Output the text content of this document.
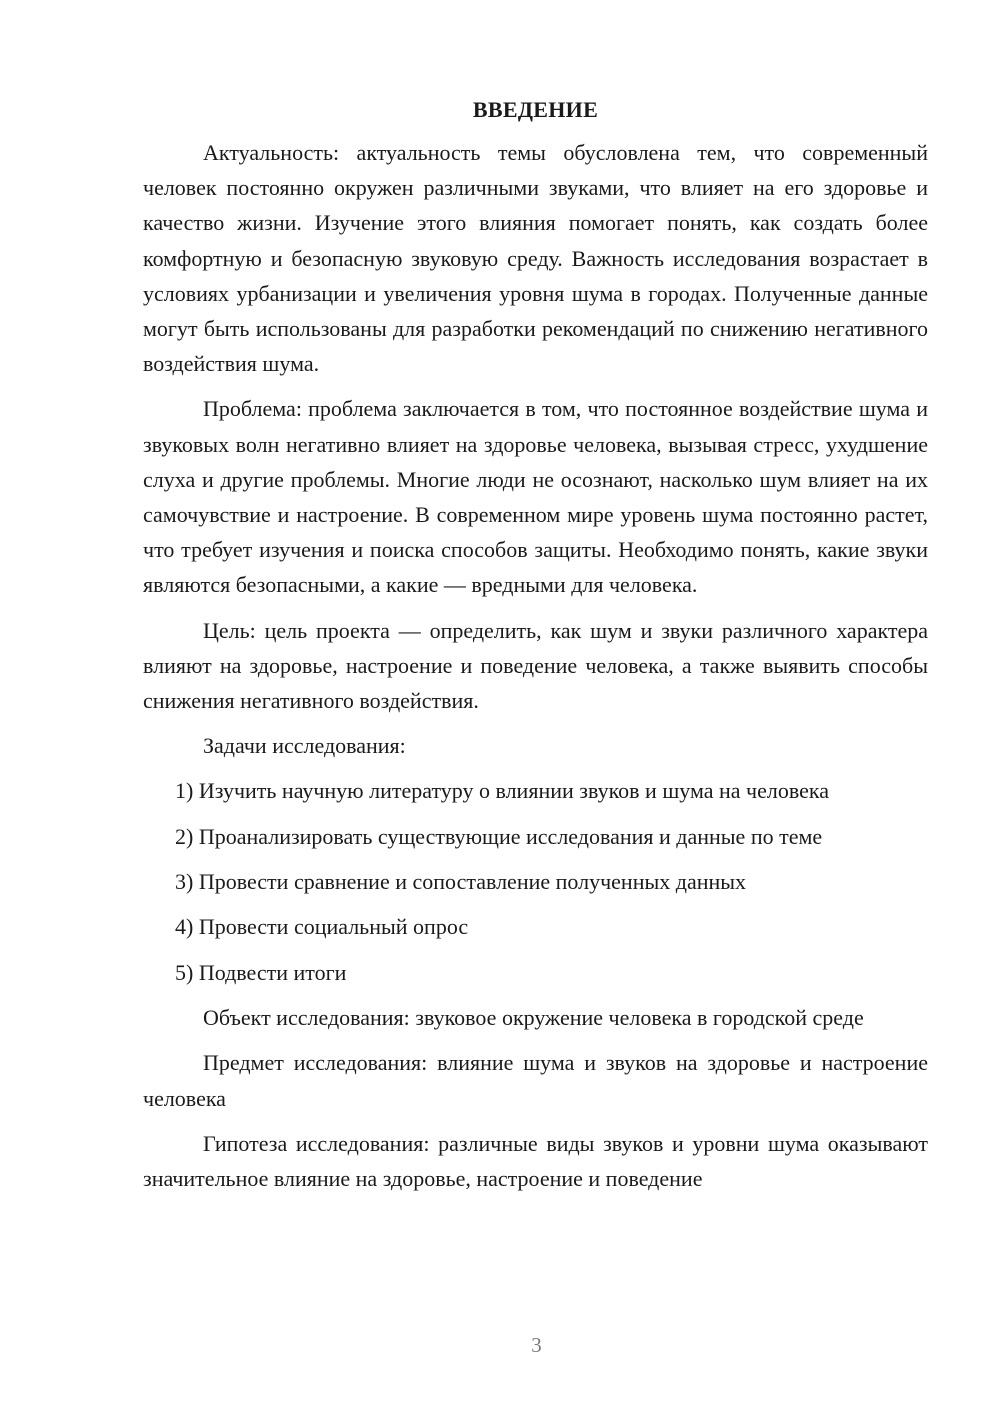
ВВЕДЕНИЕ

Актуальность: актуальность темы обусловлена тем, что современный человек постоянно окружен различными звуками, что влияет на его здоровье и качество жизни. Изучение этого влияния помогает понять, как создать более комфортную и безопасную звуковую среду. Важность исследования возрастает в условиях урбанизации и увеличения уровня шума в городах. Полученные данные могут быть использованы для разработки рекомендаций по снижению негативного воздействия шума.

Проблема: проблема заключается в том, что постоянное воздействие шума и звуковых волн негативно влияет на здоровье человека, вызывая стресс, ухудшение слуха и другие проблемы. Многие люди не осознают, насколько шум влияет на их самочувствие и настроение. В современном мире уровень шума постоянно растет, что требует изучения и поиска способов защиты. Необходимо понять, какие звуки являются безопасными, а какие — вредными для человека.

Цель: цель проекта — определить, как шум и звуки различного характера влияют на здоровье, настроение и поведение человека, а также выявить способы снижения негативного воздействия.

Задачи исследования:

1) Изучить научную литературу о влиянии звуков и шума на человека
2) Проанализировать существующие исследования и данные по теме
3) Провести сравнение и сопоставление полученных данных
4) Провести социальный опрос
5) Подвести итоги

Объект исследования: звуковое окружение человека в городской среде

Предмет исследования: влияние шума и звуков на здоровье и настроение человека

Гипотеза исследования: различные виды звуков и уровни шума оказывают значительное влияние на здоровье, настроение и поведение

3
